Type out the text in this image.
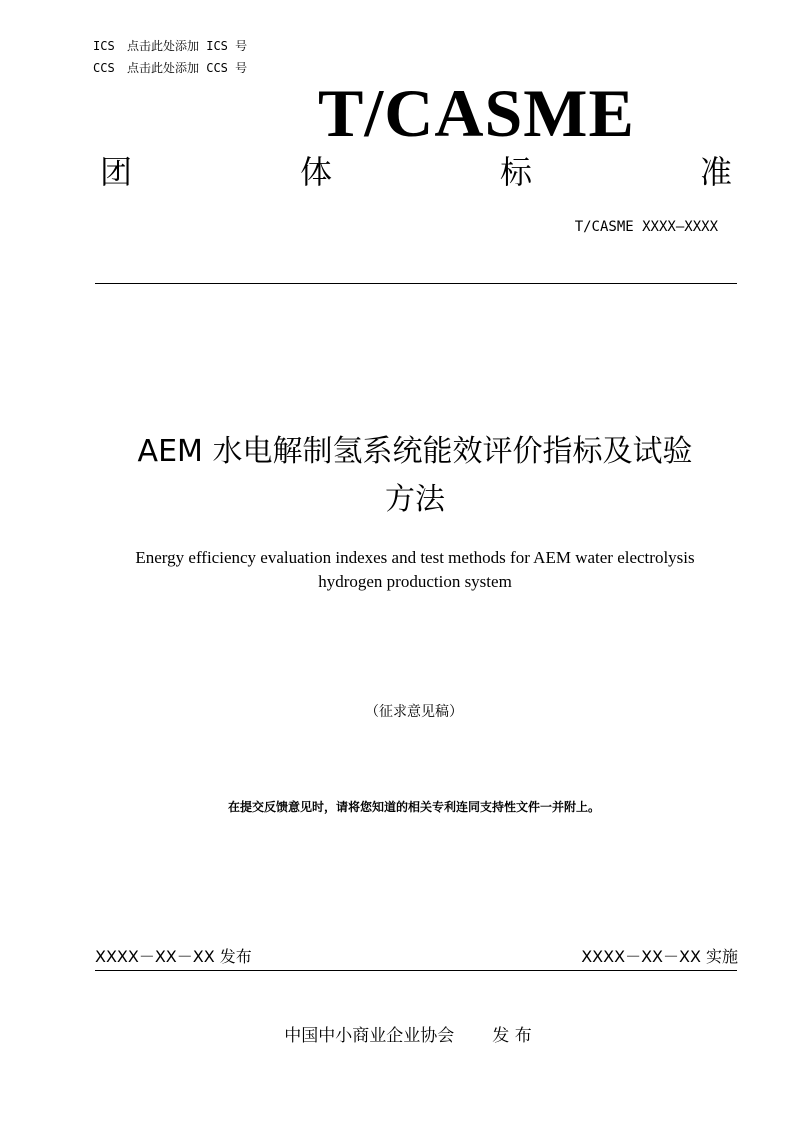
ICS 点击此处添加 ICS 号
CCS 点击此处添加 CCS 号
T/CASME
团	体	标	准
T/CASME XXXX—XXXX
AEM 水电解制氢系统能效评价指标及试验
方法
Energy efficiency evaluation indexes and test methods for AEM water electrolysis
hydrogen production system
（征求意见稿）
在提交反馈意见时，请将您知道的相关专利连同支持性文件一并附上。
XXXX－XX－XX 发布	XXXX－XX－XX 实施
中国中小商业企业协会 发 布
